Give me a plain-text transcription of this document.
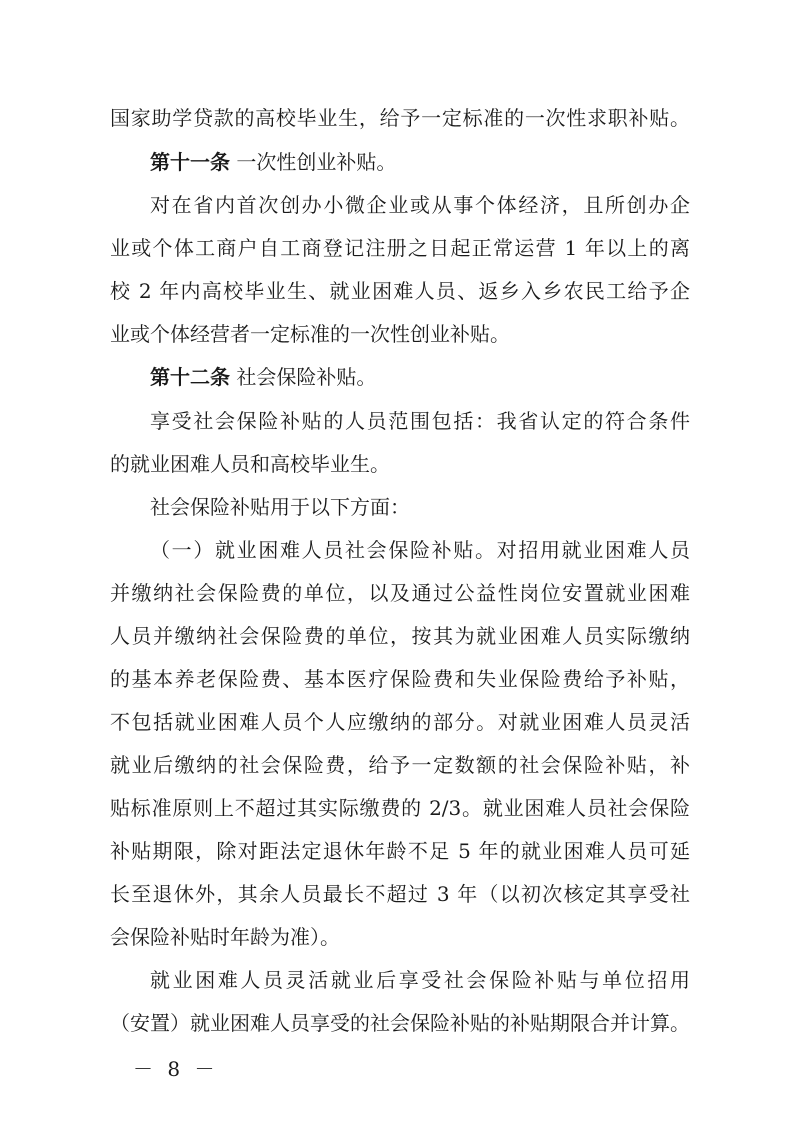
国家助学贷款的高校毕业生，给予一定标准的一次性求职补贴。
第十一条 一次性创业补贴。
对在省内首次创办小微企业或从事个体经济，且所创办企
业或个体工商户自工商登记注册之日起正常运营 1 年以上的离
校 2 年内高校毕业生、就业困难人员、返乡入乡农民工给予企
业或个体经营者一定标准的一次性创业补贴。
第十二条 社会保险补贴。
享受社会保险补贴的人员范围包括：我省认定的符合条件
的就业困难人员和高校毕业生。
社会保险补贴用于以下方面：
（一）就业困难人员社会保险补贴。对招用就业困难人员
并缴纳社会保险费的单位，以及通过公益性岗位安置就业困难
人员并缴纳社会保险费的单位，按其为就业困难人员实际缴纳
的基本养老保险费、基本医疗保险费和失业保险费给予补贴，
不包括就业困难人员个人应缴纳的部分。对就业困难人员灵活
就业后缴纳的社会保险费，给予一定数额的社会保险补贴，补
贴标准原则上不超过其实际缴费的 2/3。就业困难人员社会保险
补贴期限，除对距法定退休年龄不足 5 年的就业困难人员可延
长至退休外，其余人员最长不超过 3 年（以初次核定其享受社
会保险补贴时年龄为准）。
就业困难人员灵活就业后享受社会保险补贴与单位招用
（安置）就业困难人员享受的社会保险补贴的补贴期限合并计算。
－ 8 －
